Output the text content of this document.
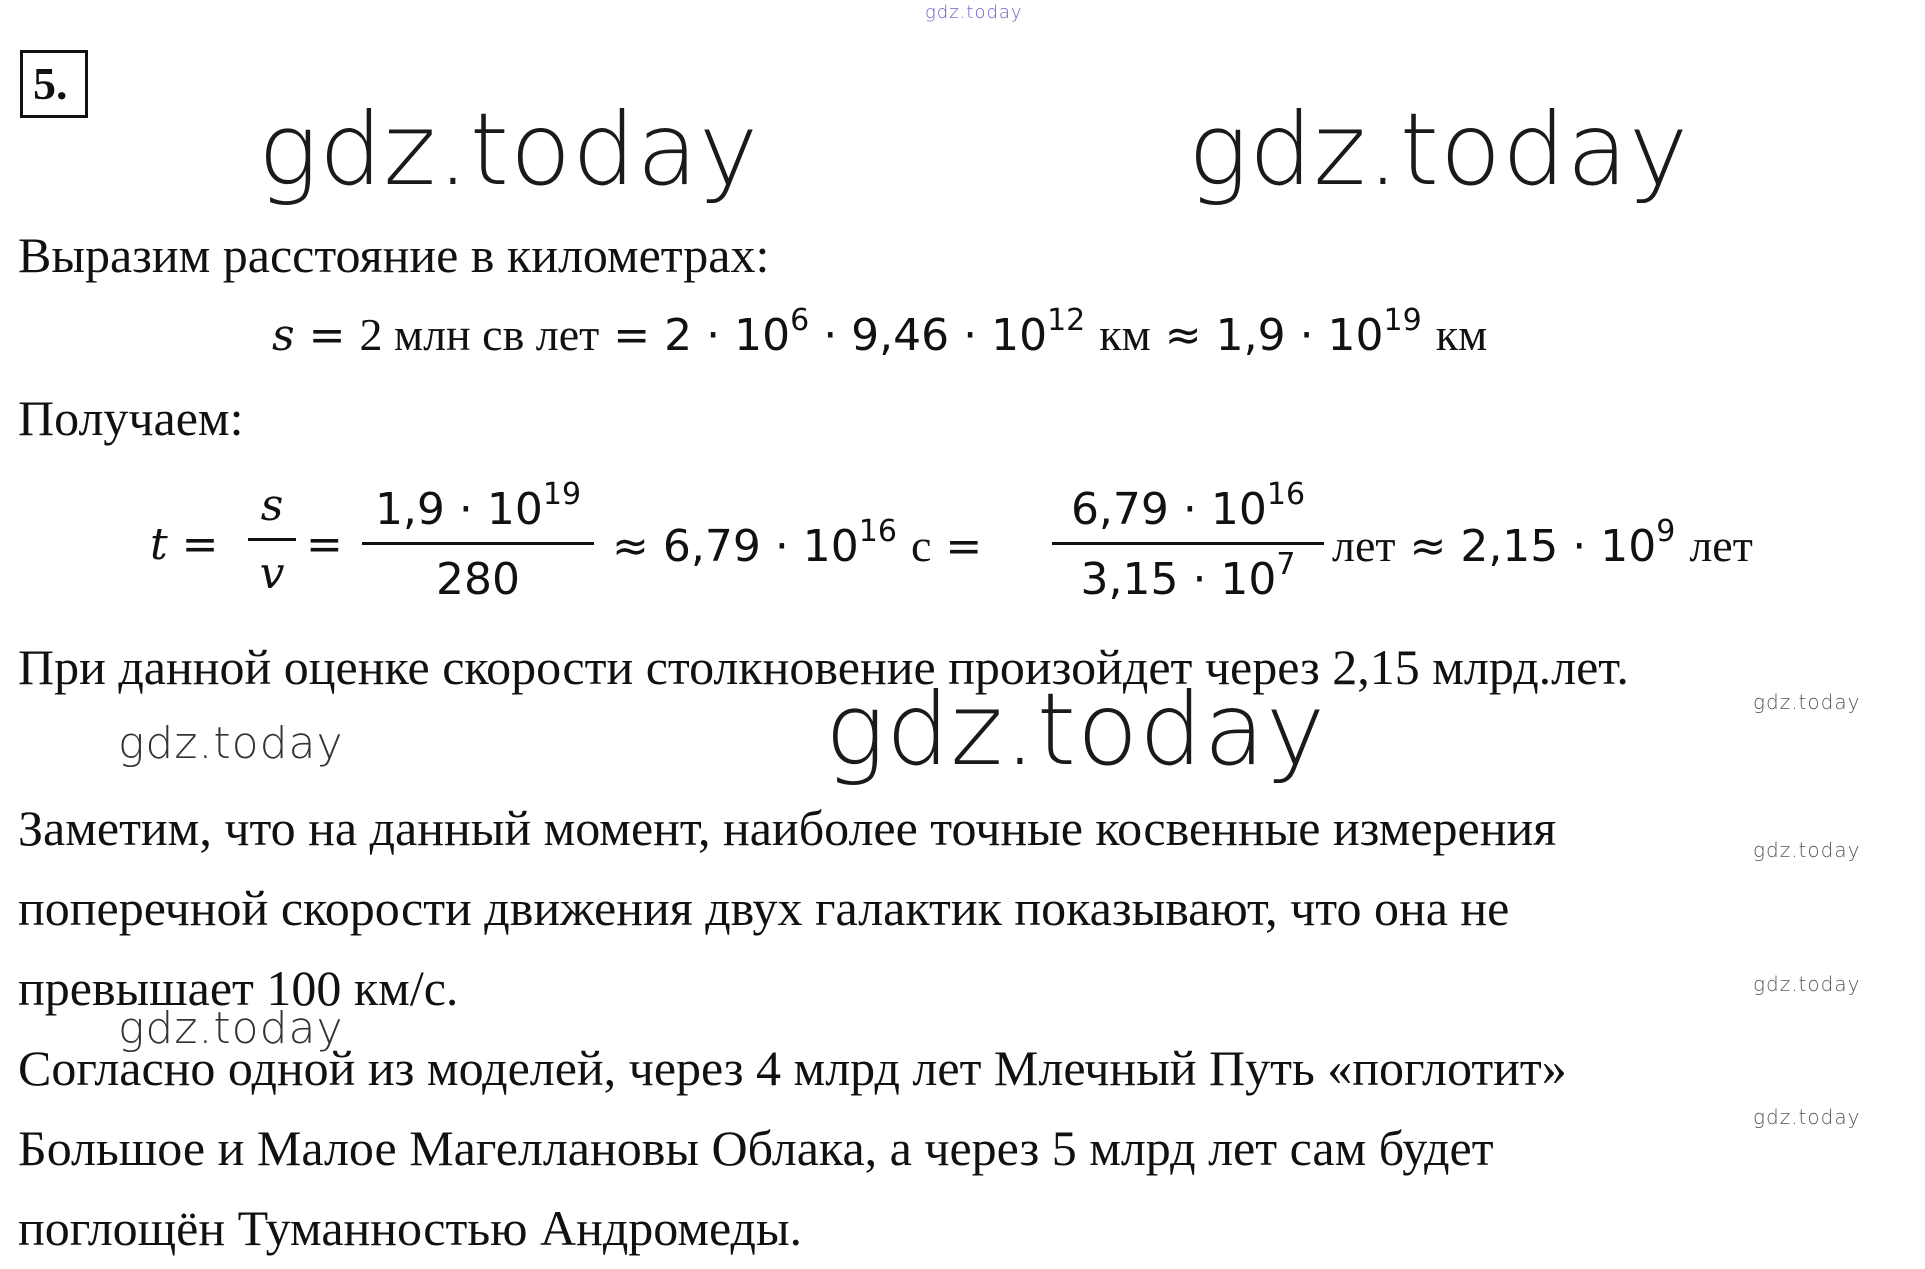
gdz.today
gdz.today	gdz.today
gdz.today
gdz.today
gdz.today
gdz.today
gdz.today
gdz.today
gdz.today
5.
Выразим расстояние в километрах:
s = 2 млн св лет = $2 \cdot 10^6 \cdot 9,46 \cdot 10^{12}$ км ≈ $1,9 \cdot 10^{19}$ км
Получаем:
t =
s
v
=
$1,9 \cdot 10^{19}$
280
≈ $6,79 \cdot 10^{16}$ с =
$6,79 \cdot 10^{16}$
$3,15 \cdot 10^7$ лет ≈ $2,15 \cdot 10^9$ лет
При данной оценке скорости столкновение произойдет через 2,15 млрд.лет.
Заметим, что на данный момент, наиболее точные косвенные измерения
поперечной скорости движения двух галактик показывают, что она не
превышает 100 км/с.
Согласно одной из моделей, через 4 млрд лет Млечный Путь «поглотит»
Большое и Малое Магеллановы Облака, а через 5 млрд лет сам будет
поглощён Туманностью Андромеды.
